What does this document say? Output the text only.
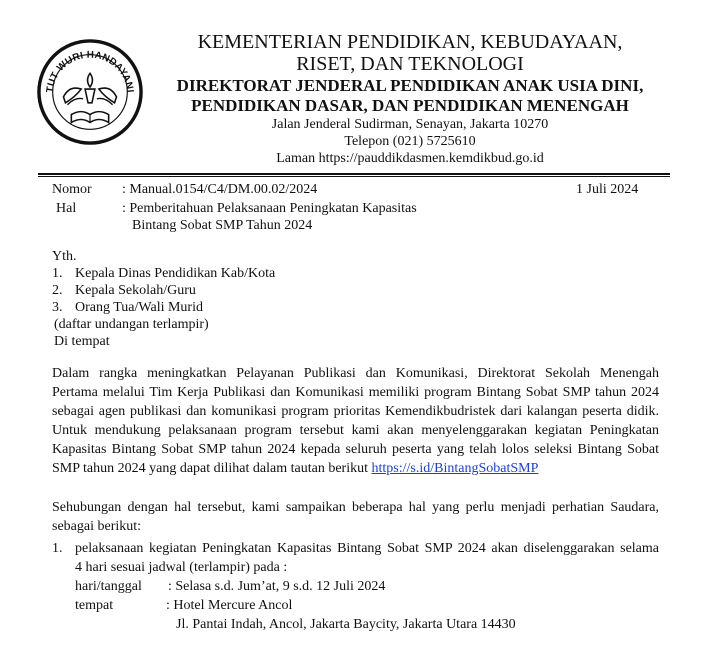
TUT WURI HANDAYANI
KEMENTERIAN PENDIDIKAN, KEBUDAYAAN,
RISET, DAN TEKNOLOGI
DIREKTORAT JENDERAL PENDIDIKAN ANAK USIA DINI,
PENDIDIKAN DASAR, DAN PENDIDIKAN MENENGAH
Jalan Jenderal Sudirman, Senayan, Jakarta 10270
Telepon (021) 5725610
Laman https://pauddikdasmen.kemdikbud.go.id
Nomor : Manual.0154/C4/DM.00.02/2024	1 Juli 2024
Hal	: Pemberitahuan Pelaksanaan Peningkatan Kapasitas
Bintang Sobat SMP Tahun 2024
Yth.
1. Kepala Dinas Pendidikan Kab/Kota
2. Kepala Sekolah/Guru
3. Orang Tua/Wali Murid
(daftar undangan terlampir)
Di tempat
Dalam rangka meningkatkan Pelayanan Publikasi dan Komunikasi, Direktorat Sekolah Menengah
Pertama melalui Tim Kerja Publikasi dan Komunikasi memiliki program Bintang Sobat SMP tahun 2024
sebagai agen publikasi dan komunikasi program prioritas Kemendikbudristek dari kalangan peserta didik.
Untuk mendukung pelaksanaan program tersebut kami akan menyelenggarakan kegiatan Peningkatan
Kapasitas Bintang Sobat SMP tahun 2024 kepada seluruh peserta yang telah lolos seleksi Bintang Sobat
SMP tahun 2024 yang dapat dilihat dalam tautan berikut https://s.id/BintangSobatSMP
Sehubungan dengan hal tersebut, kami sampaikan beberapa hal yang perlu menjadi perhatian Saudara,
sebagai berikut:
1. pelaksanaan kegiatan Peningkatan Kapasitas Bintang Sobat SMP 2024 akan diselenggarakan selama
4 hari sesuai jadwal (terlampir) pada :
hari/tanggal : Selasa s.d. Jum’at, 9 s.d. 12 Juli 2024
tempat	: Hotel Mercure Ancol
Jl. Pantai Indah, Ancol, Jakarta Baycity, Jakarta Utara 14430
